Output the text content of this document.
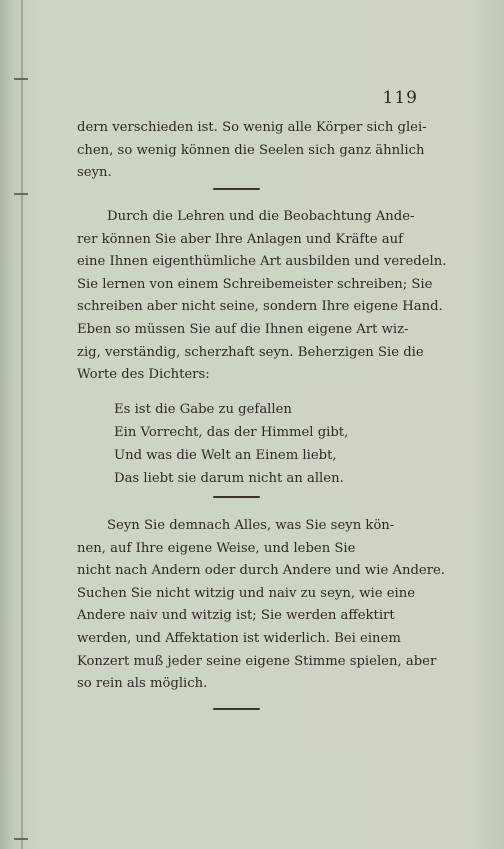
119

dern verschieden ist. So wenig alle Körper sich glei-

chen, so wenig können die Seelen sich ganz ähnlich

seyn.

Durch die Lehren und die Beobachtung Ande-

rer können Sie aber Ihre Anlagen und Kräfte auf

eine Ihnen eigenthümliche Art ausbilden und veredeln.

Sie lernen von einem Schreibemeister schreiben; Sie

schreiben aber nicht seine, sondern Ihre eigene Hand.

Eben so müssen Sie auf die Ihnen eigene Art wiz-

zig, verständig, scherzhaft seyn. Beherzigen Sie die

Worte des Dichters:

Es ist die Gabe zu gefallen

Ein Vorrecht, das der Himmel gibt,

Und was die Welt an Einem liebt,

Das liebt sie darum nicht an allen.

Seyn Sie demnach Alles, was Sie seyn kön-

nen, auf Ihre eigene Weise, und leben Sie

nicht nach Andern oder durch Andere und wie Andere.

Suchen Sie nicht witzig und naiv zu seyn, wie eine

Andere naiv und witzig ist; Sie werden affektirt

werden, und Affektation ist widerlich. Bei einem

Konzert muß jeder seine eigene Stimme spielen, aber

so rein als möglich.
